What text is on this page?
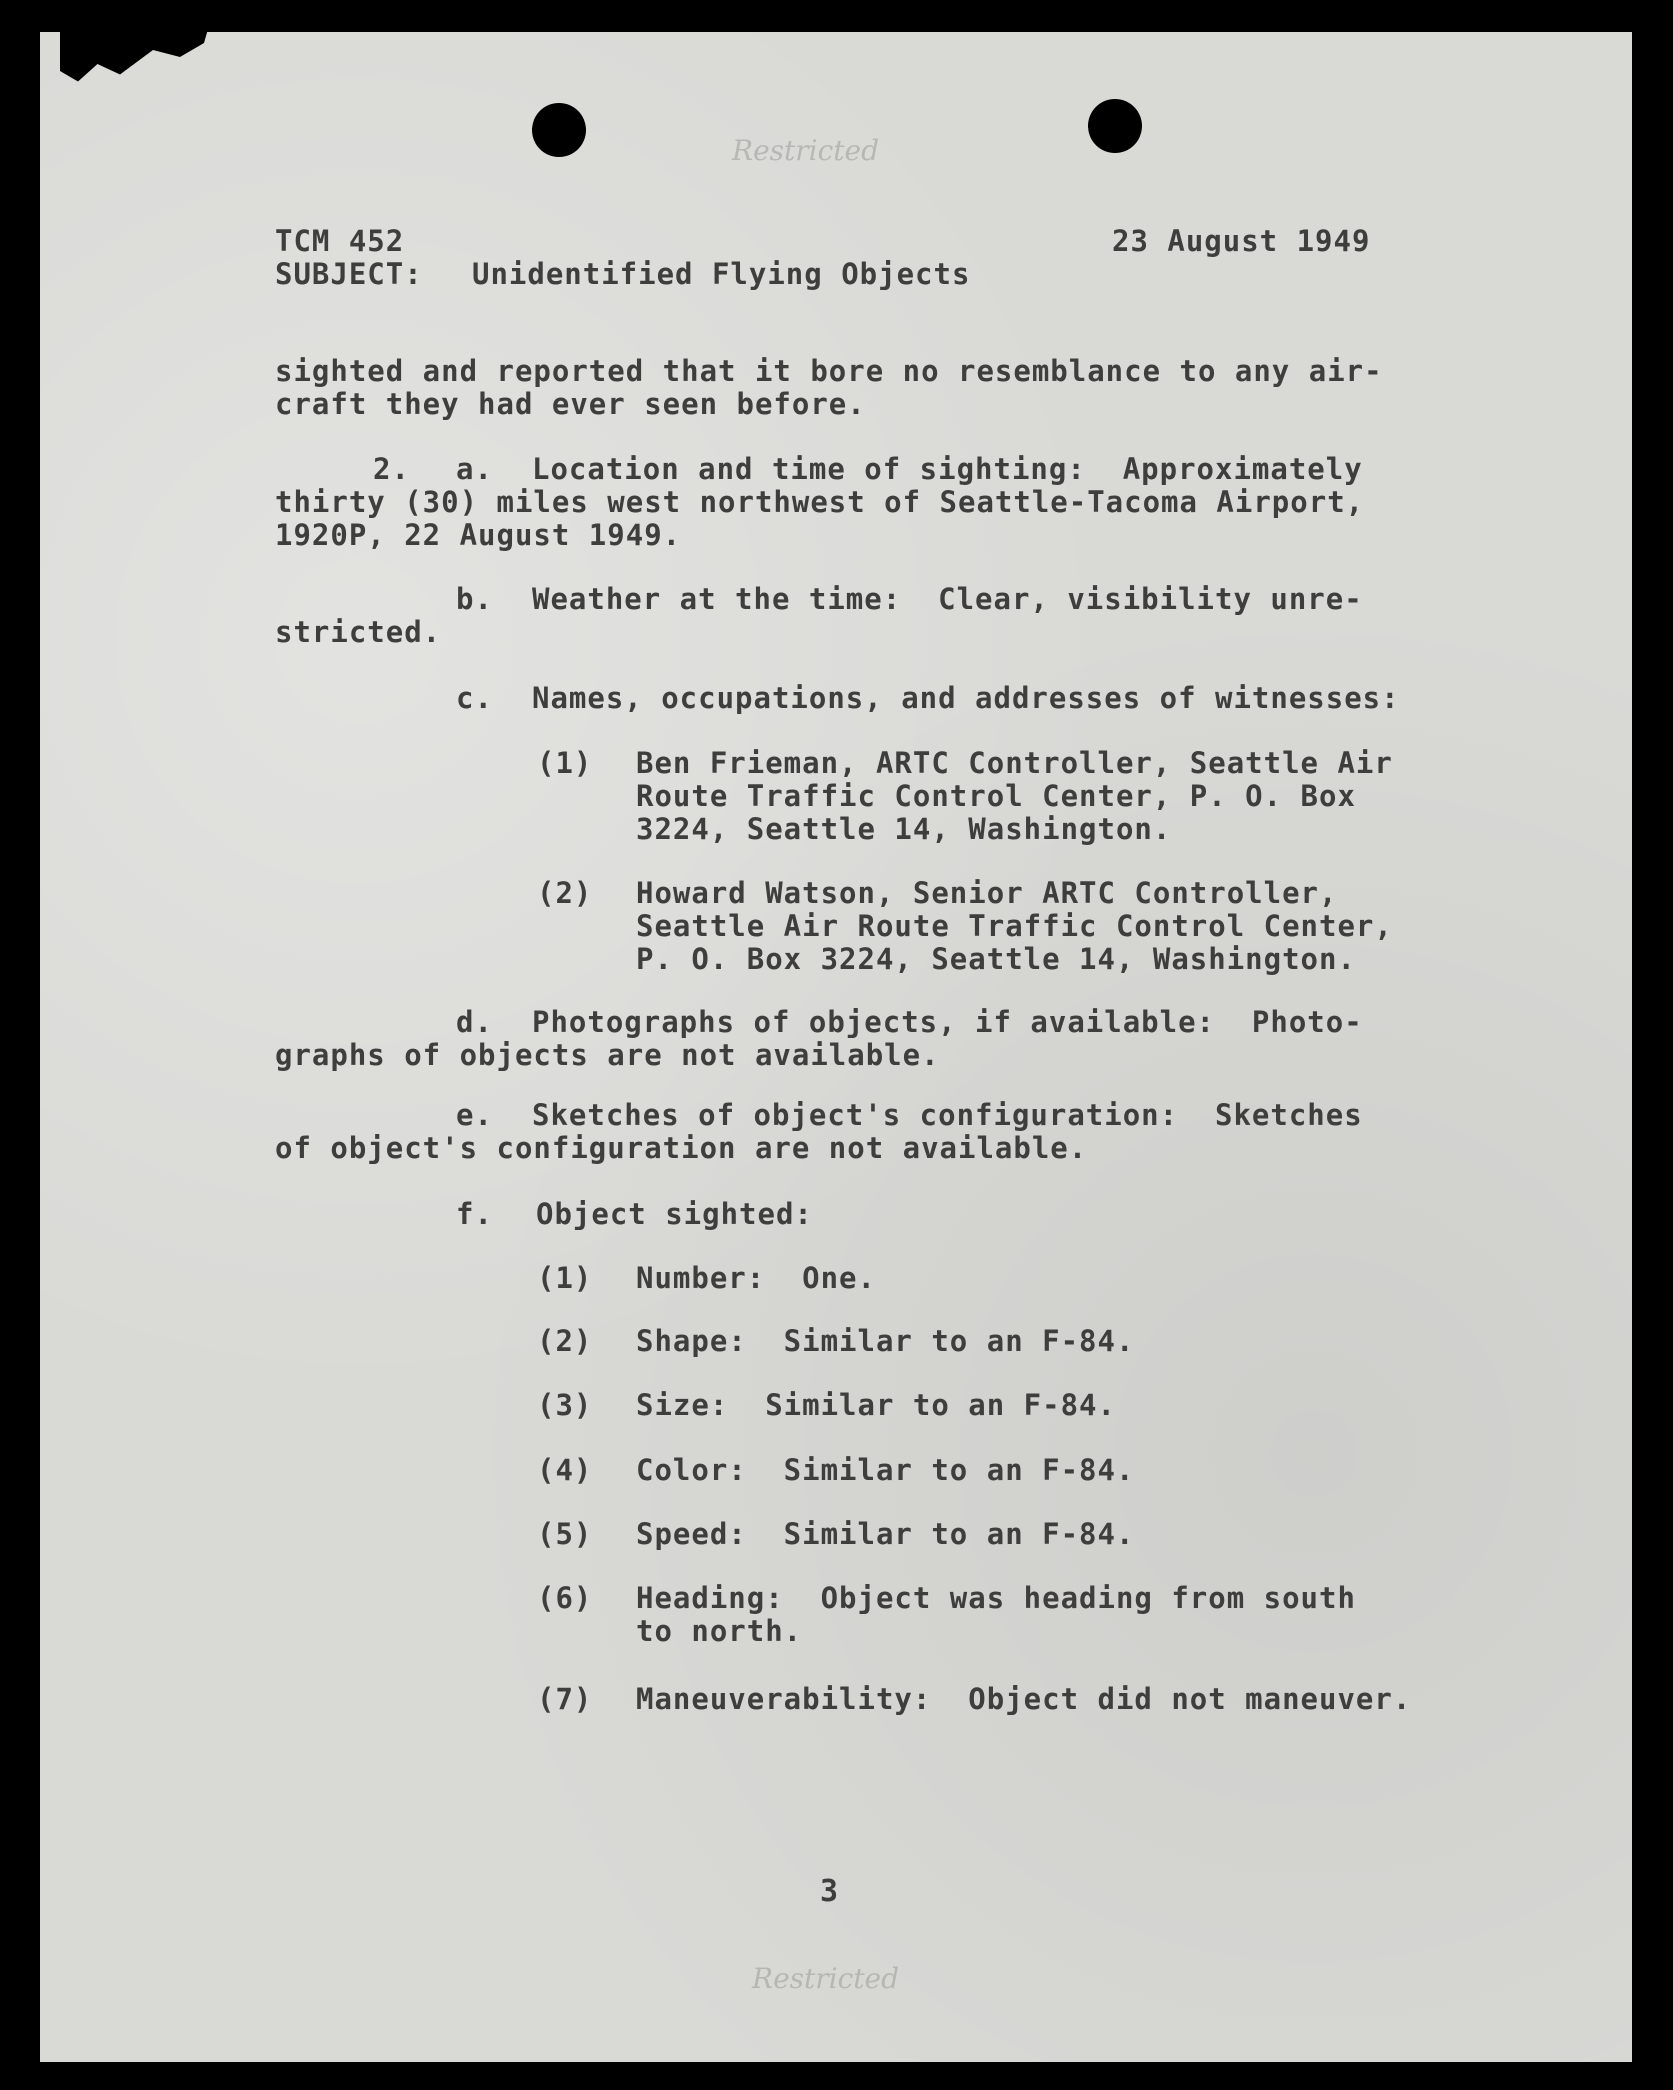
Restricted
TCM 452	23 August 1949
SUBJECT: Unidentified Flying Objects
sighted and reported that it bore no resemblance to any air-
craft they had ever seen before.
2. a. Location and time of sighting:  Approximately
thirty (30) miles west northwest of Seattle-Tacoma Airport,
1920P, 22 August 1949.
b. Weather at the time:  Clear, visibility unre-
stricted.
c. Names, occupations, and addresses of witnesses:
(1) Ben Frieman, ARTC Controller, Seattle Air
Route Traffic Control Center, P. O. Box
3224, Seattle 14, Washington.
(2) Howard Watson, Senior ARTC Controller,
Seattle Air Route Traffic Control Center,
P. O. Box 3224, Seattle 14, Washington.
d. Photographs of objects, if available:  Photo-
graphs of objects are not available.
e. Sketches of object's configuration:  Sketches
of object's configuration are not available.
f. Object sighted:
(1) Number:  One.
(2) Shape:  Similar to an F-84.
(3) Size:  Similar to an F-84.
(4) Color:  Similar to an F-84.
(5) Speed:  Similar to an F-84.
(6) Heading:  Object was heading from south
to north.
(7) Maneuverability:  Object did not maneuver.
3
Restricted
